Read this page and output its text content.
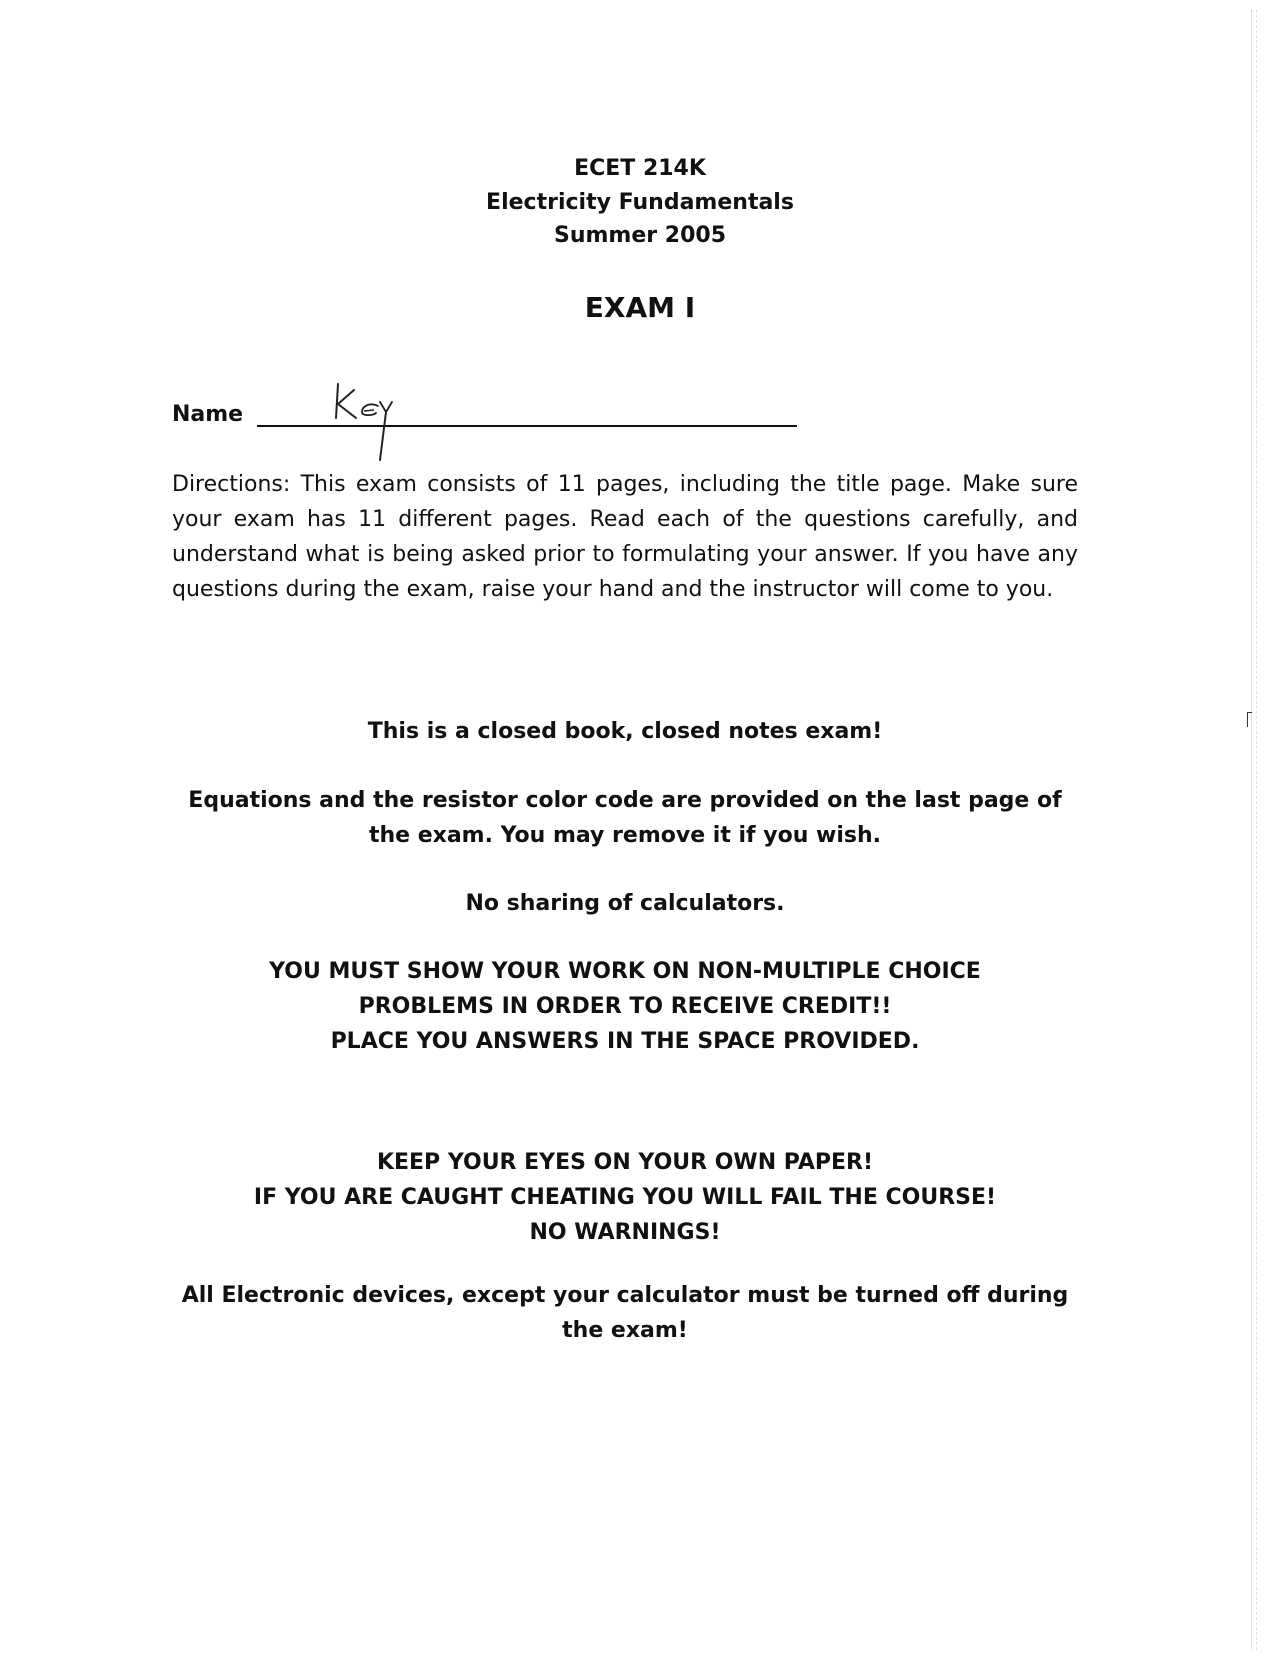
ECET 214K
Electricity Fundamentals
Summer 2005
EXAM I
Name
Directions: This exam consists of 11 pages, including the title page. Make sure your exam has 11 different pages. Read each of the questions carefully, and understand what is being asked prior to formulating your answer. If you have any questions during the exam, raise your hand and the instructor will come to you.
This is a closed book, closed notes exam!
Equations and the resistor color code are provided on the last page of the exam. You may remove it if you wish.
No sharing of calculators.
YOU MUST SHOW YOUR WORK ON NON-MULTIPLE CHOICE
PROBLEMS IN ORDER TO RECEIVE CREDIT!!
PLACE YOU ANSWERS IN THE SPACE PROVIDED.
KEEP YOUR EYES ON YOUR OWN PAPER!
IF YOU ARE CAUGHT CHEATING YOU WILL FAIL THE COURSE!
NO WARNINGS!
All Electronic devices, except your calculator must be turned off during the exam!
